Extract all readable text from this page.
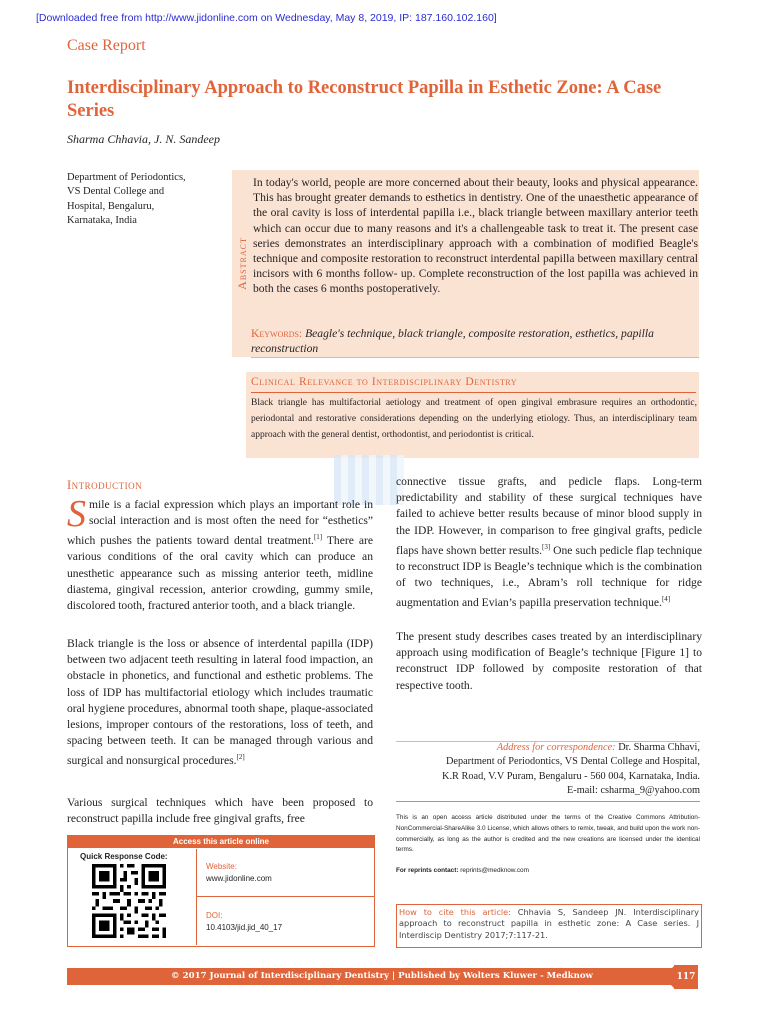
[Downloaded free from http://www.jidonline.com on Wednesday, May 8, 2019, IP: 187.160.102.160]
Case Report
Interdisciplinary Approach to Reconstruct Papilla in Esthetic Zone: A Case Series
Sharma Chhavia, J. N. Sandeep
Department of Periodontics,
VS Dental College and
Hospital, Bengaluru,
Karnataka, India
Abstract
In today's world, people are more concerned about their beauty, looks and physical appearance. This has brought greater demands to esthetics in dentistry. One of the unaesthetic appearance of the oral cavity is loss of interdental papilla i.e., black triangle between maxillary anterior teeth which can occur due to many reasons and it's a challengeable task to treat it. The present case series demonstrates an interdisciplinary approach with a combination of modified Beagle's technique and composite restoration to reconstruct interdental papilla between maxillary central incisors with 6 months follow- up. Complete reconstruction of the lost papilla was achieved in both the cases 6 months postoperatively.
Keywords: Beagle's technique, black triangle, composite restoration, esthetics, papilla reconstruction
Clinical Relevance to Interdisciplinary Dentistry
Black triangle has multifactorial aetiology and treatment of open gingival embrasure requires an orthodontic, periodontal and restorative considerations depending on the underlying etiology. Thus, an interdisciplinary team approach with the general dentist, orthodontist, and periodontist is critical.
Introduction
Smile is a facial expression which plays an important role in social interaction and is most often the need for “esthetics” which pushes the patients toward dental treatment.[1] There are various conditions of the oral cavity which can produce an unesthetic appearance such as missing anterior teeth, midline diastema, gingival recession, anterior crowding, gummy smile, discolored tooth, fractured anterior tooth, and a black triangle.
Black triangle is the loss or absence of interdental papilla (IDP) between two adjacent teeth resulting in lateral food impaction, an obstacle in phonetics, and functional and esthetic problems. The loss of IDP has multifactorial etiology which includes traumatic oral hygiene procedures, abnormal tooth shape, plaque-associated lesions, improper contours of the restorations, loss of teeth, and spacing between teeth. It can be managed through various and surgical and nonsurgical procedures.[2]
Various surgical techniques which have been proposed to reconstruct papilla include free gingival grafts, free
connective tissue grafts, and pedicle flaps. Long-term predictability and stability of these surgical techniques have failed to achieve better results because of minor blood supply in the IDP. However, in comparison to free gingival grafts, pedicle flaps have shown better results.[3] One such pedicle flap technique to reconstruct IDP is Beagle’s technique which is the combination of two techniques, i.e., Abram’s roll technique for ridge augmentation and Evian’s papilla preservation technique.[4]
The present study describes cases treated by an interdisciplinary approach using modification of Beagle’s technique [Figure 1] to reconstruct IDP followed by composite restoration of that respective tooth.
Address for correspondence: Dr. Sharma Chhavi,
Department of Periodontics, VS Dental College and Hospital,
K.R Road, V.V Puram, Bengaluru - 560 004, Karnataka, India.
E-mail: csharma_9@yahoo.com
This is an open access article distributed under the terms of the Creative Commons Attribution-NonCommercial-ShareAlike 3.0 License, which allows others to remix, tweak, and build upon the work non-commercially, as long as the author is credited and the new creations are licensed under the identical terms.
For reprints contact: reprints@medknow.com
How to cite this article: Chhavia S, Sandeep JN. Interdisciplinary approach to reconstruct papilla in esthetic zone: A Case series. J Interdiscip Dentistry 2017;7:117-21.
Access this article online
Quick Response Code:
Website:
www.jidonline.com
DOI:
10.4103/jid.jid_40_17
© 2017 Journal of Interdisciplinary Dentistry | Published by Wolters Kluwer - Medknow	117
